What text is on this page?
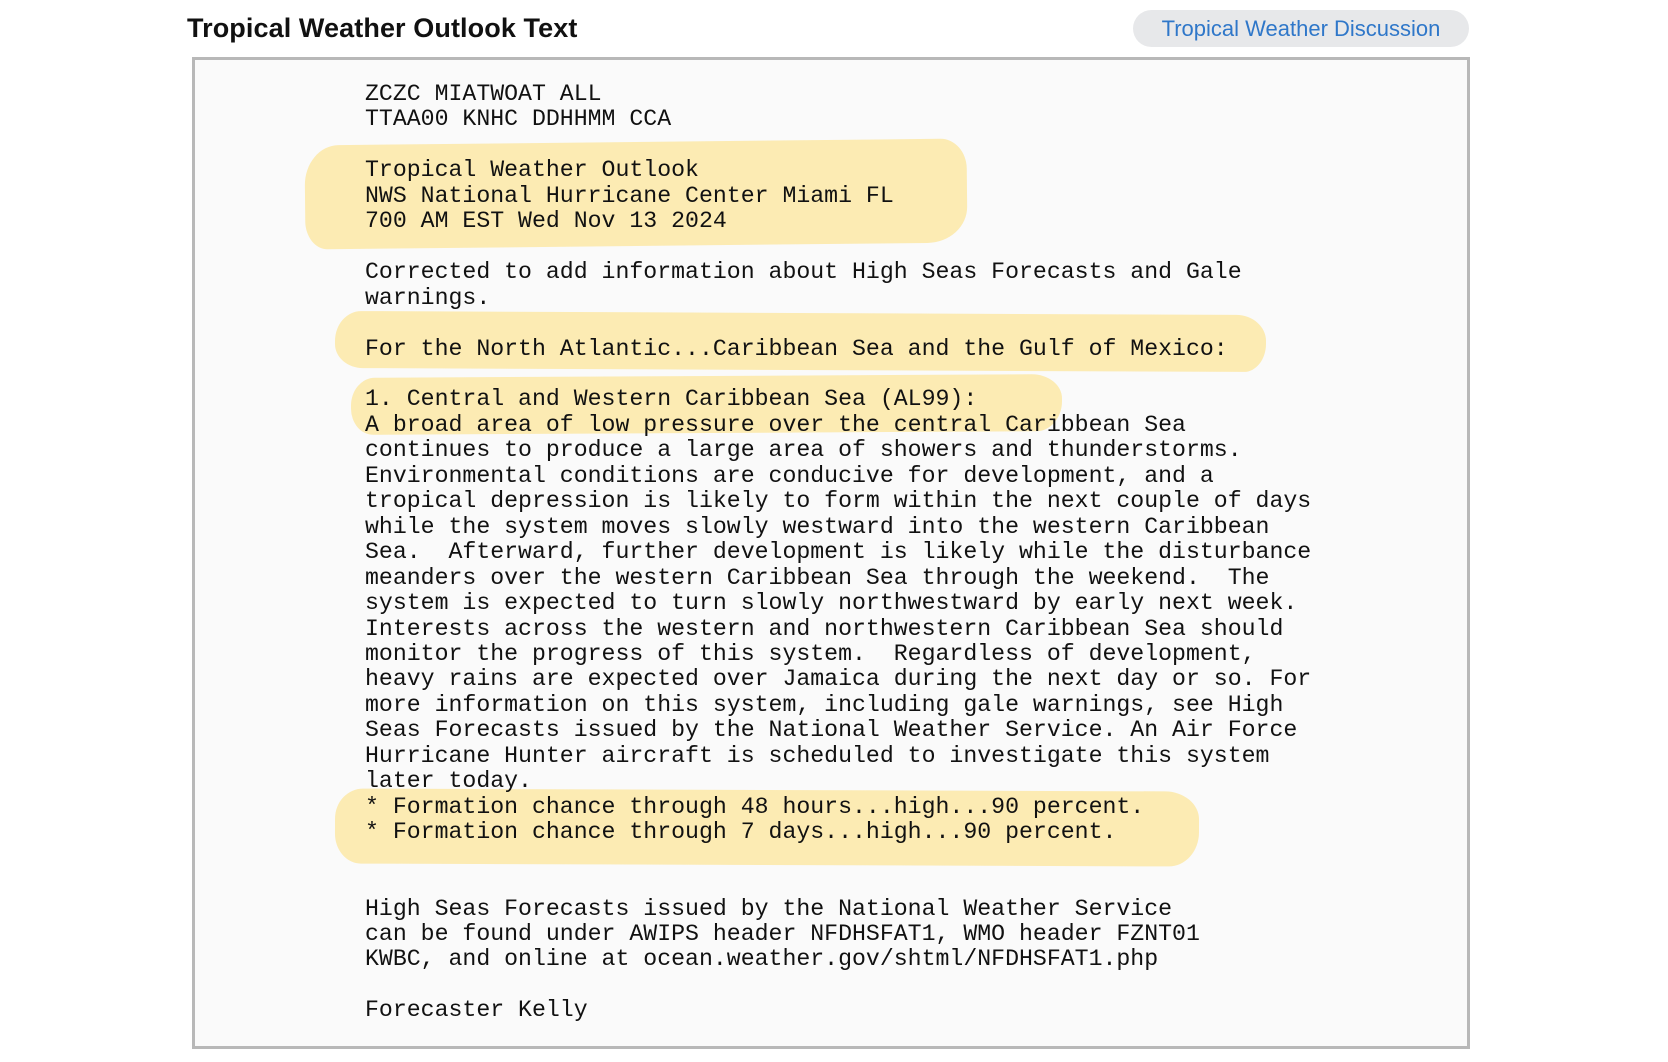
Tropical Weather Outlook Text	Tropical Weather Discussion
ZCZC MIATWOAT ALL
TTAA00 KNHC DDHHMM CCA

Tropical Weather Outlook
NWS National Hurricane Center Miami FL
700 AM EST Wed Nov 13 2024

Corrected to add information about High Seas Forecasts and Gale
warnings.

For the North Atlantic...Caribbean Sea and the Gulf of Mexico:

1. Central and Western Caribbean Sea (AL99):
A broad area of low pressure over the central Caribbean Sea
continues to produce a large area of showers and thunderstorms.
Environmental conditions are conducive for development, and a
tropical depression is likely to form within the next couple of days
while the system moves slowly westward into the western Caribbean
Sea.  Afterward, further development is likely while the disturbance
meanders over the western Caribbean Sea through the weekend.  The
system is expected to turn slowly northwestward by early next week.
Interests across the western and northwestern Caribbean Sea should
monitor the progress of this system.  Regardless of development,
heavy rains are expected over Jamaica during the next day or so. For
more information on this system, including gale warnings, see High
Seas Forecasts issued by the National Weather Service. An Air Force
Hurricane Hunter aircraft is scheduled to investigate this system
later today.
* Formation chance through 48 hours...high...90 percent.
* Formation chance through 7 days...high...90 percent.

High Seas Forecasts issued by the National Weather Service
can be found under AWIPS header NFDHSFAT1, WMO header FZNT01
KWBC, and online at ocean.weather.gov/shtml/NFDHSFAT1.php

Forecaster Kelly
